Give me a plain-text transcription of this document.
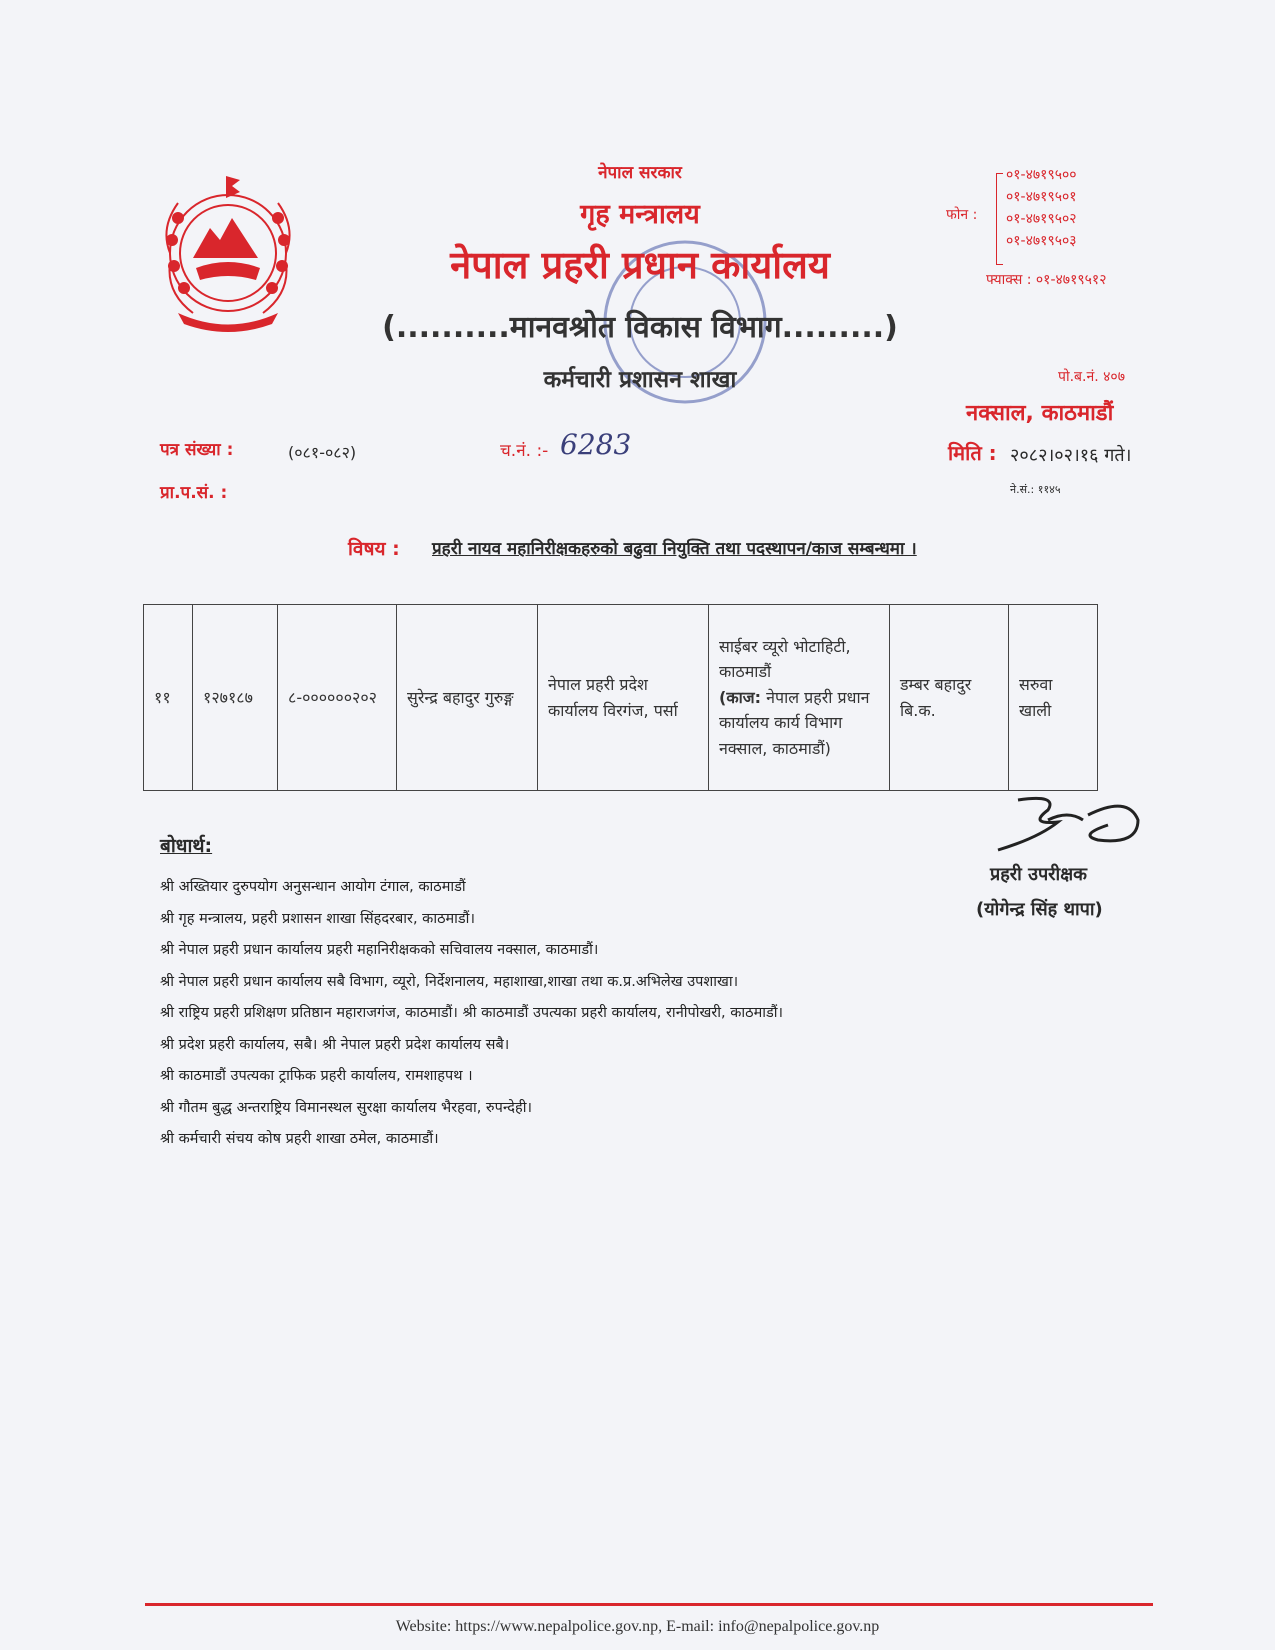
नेपाल सरकार
गृह मन्त्रालय
नेपाल प्रहरी प्रधान कार्यालय
(..........मानवश्रोत विकास विभाग.........)
कर्मचारी प्रशासन शाखा
फोन :
०१-४७१९५००
०१-४७१९५०१
०१-४७१९५०२
०१-४७१९५०३
फ्याक्स : ०१-४७१९५१२
पो.ब.नं. ४०७
नक्साल, काठमाडौं
पत्र संख्या :	(०८१-०८२)
प्रा.प.सं. :
च.नं. :- 6283	मिति : २०८२।०२।१६ गते।
ने.सं.: ११४५
विषय : प्रहरी नायव महानिरीक्षकहरुको बढुवा नियुक्ति तथा पदस्थापन/काज सम्बन्धमा ।
११	१२७१८७	८-००००००२०२	सुरेन्द्र बहादुर गुरुङ्ग	नेपाल प्रहरी प्रदेश कार्यालय विरगंज, पर्सा	साईबर व्यूरो भोटाहिटी, काठमाडौं
(काज: नेपाल प्रहरी प्रधान कार्यालय कार्य विभाग नक्साल, काठमाडौं)	डम्बर बहादुर बि.क.	सरुवा खाली
प्रहरी उपरीक्षक
(योगेन्द्र सिंह थापा)
बोधार्थ:
श्री अख्तियार दुरुपयोग अनुसन्धान आयोग टंगाल, काठमाडौं
श्री गृह मन्त्रालय, प्रहरी प्रशासन शाखा सिंहदरबार, काठमाडौं।
श्री नेपाल प्रहरी प्रधान कार्यालय प्रहरी महानिरीक्षकको सचिवालय नक्साल, काठमाडौं।
श्री नेपाल प्रहरी प्रधान कार्यालय सबै विभाग, व्यूरो, निर्देशनालय, महाशाखा,शाखा तथा क.प्र.अभिलेख उपशाखा।
श्री राष्ट्रिय प्रहरी प्रशिक्षण प्रतिष्ठान महाराजगंज, काठमाडौं। श्री काठमाडौं उपत्यका प्रहरी कार्यालय, रानीपोखरी, काठमाडौं।
श्री प्रदेश प्रहरी कार्यालय, सबै। श्री नेपाल प्रहरी प्रदेश कार्यालय सबै।
श्री काठमाडौं उपत्यका ट्राफिक प्रहरी कार्यालय, रामशाहपथ ।
श्री गौतम बुद्ध अन्तराष्ट्रिय विमानस्थल सुरक्षा कार्यालय भैरहवा, रुपन्देही।
श्री कर्मचारी संचय कोष प्रहरी शाखा ठमेल, काठमाडौं।
Website: https://www.nepalpolice.gov.np, E-mail: info@nepalpolice.gov.np
